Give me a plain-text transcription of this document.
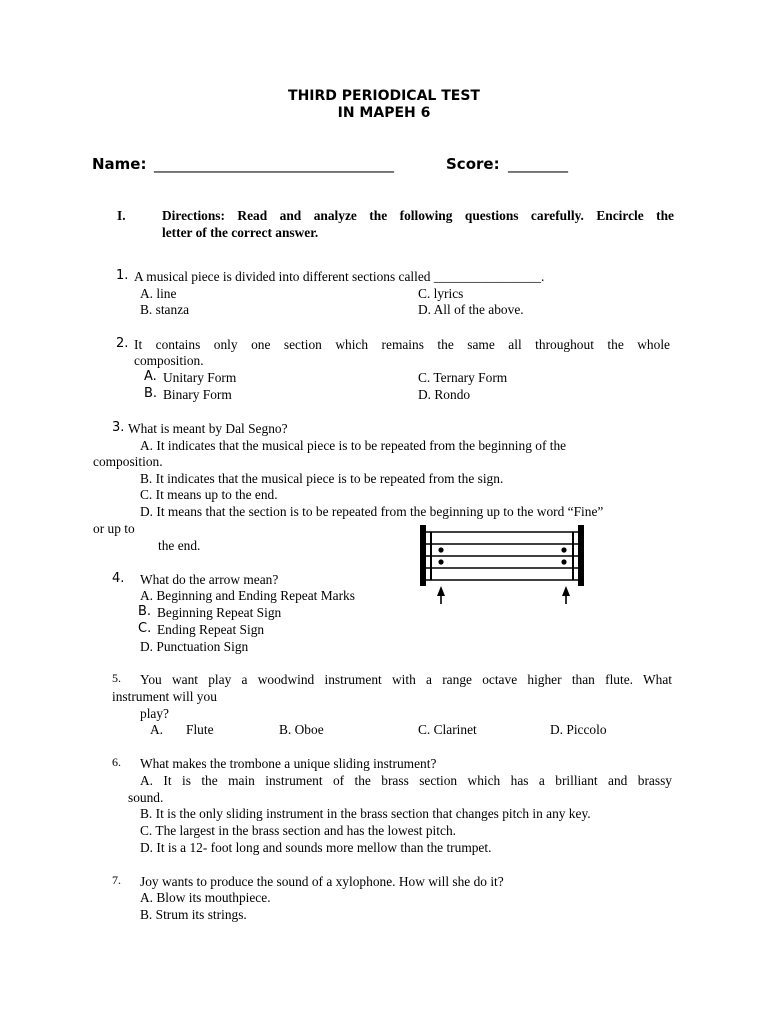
THIRD PERIODICAL TEST
IN MAPEH 6
Name: ________________________________	Score: ________
I.	Directions: Read and analyze the following questions carefully. Encircle the
letter of the correct answer.
1. A musical piece is divided into different sections called ________________.
A. line
B. stanza
C. lyrics
D. All of the above.
2. It contains only one section which remains the same all throughout the whole
composition.
A. Unitary Form
B. Binary Form
C. Ternary Form
D. Rondo
3. What is meant by Dal Segno?
A. It indicates that the musical piece is to be repeated from the beginning of the
composition.
B. It indicates that the musical piece is to be repeated from the sign.
C. It means up to the end.
D. It means that the section is to be repeated from the beginning up to the word “Fine”
or up to
the end.
4. What do the arrow mean?
A. Beginning and Ending Repeat Marks
B. Beginning Repeat Sign
C. Ending Repeat Sign
D. Punctuation Sign
5. You want play a woodwind instrument with a range octave higher than flute. What
instrument will you
play?
A. Flute	B. Oboe	C. Clarinet	D. Piccolo
6. What makes the trombone a unique sliding instrument?
A. It is the main instrument of the brass section which has a brilliant and brassy
sound.
B. It is the only sliding instrument in the brass section that changes pitch in any key.
C. The largest in the brass section and has the lowest pitch.
D. It is a 12- foot long and sounds more mellow than the trumpet.
7. Joy wants to produce the sound of a xylophone. How will she do it?
A. Blow its mouthpiece.
B. Strum its strings.
